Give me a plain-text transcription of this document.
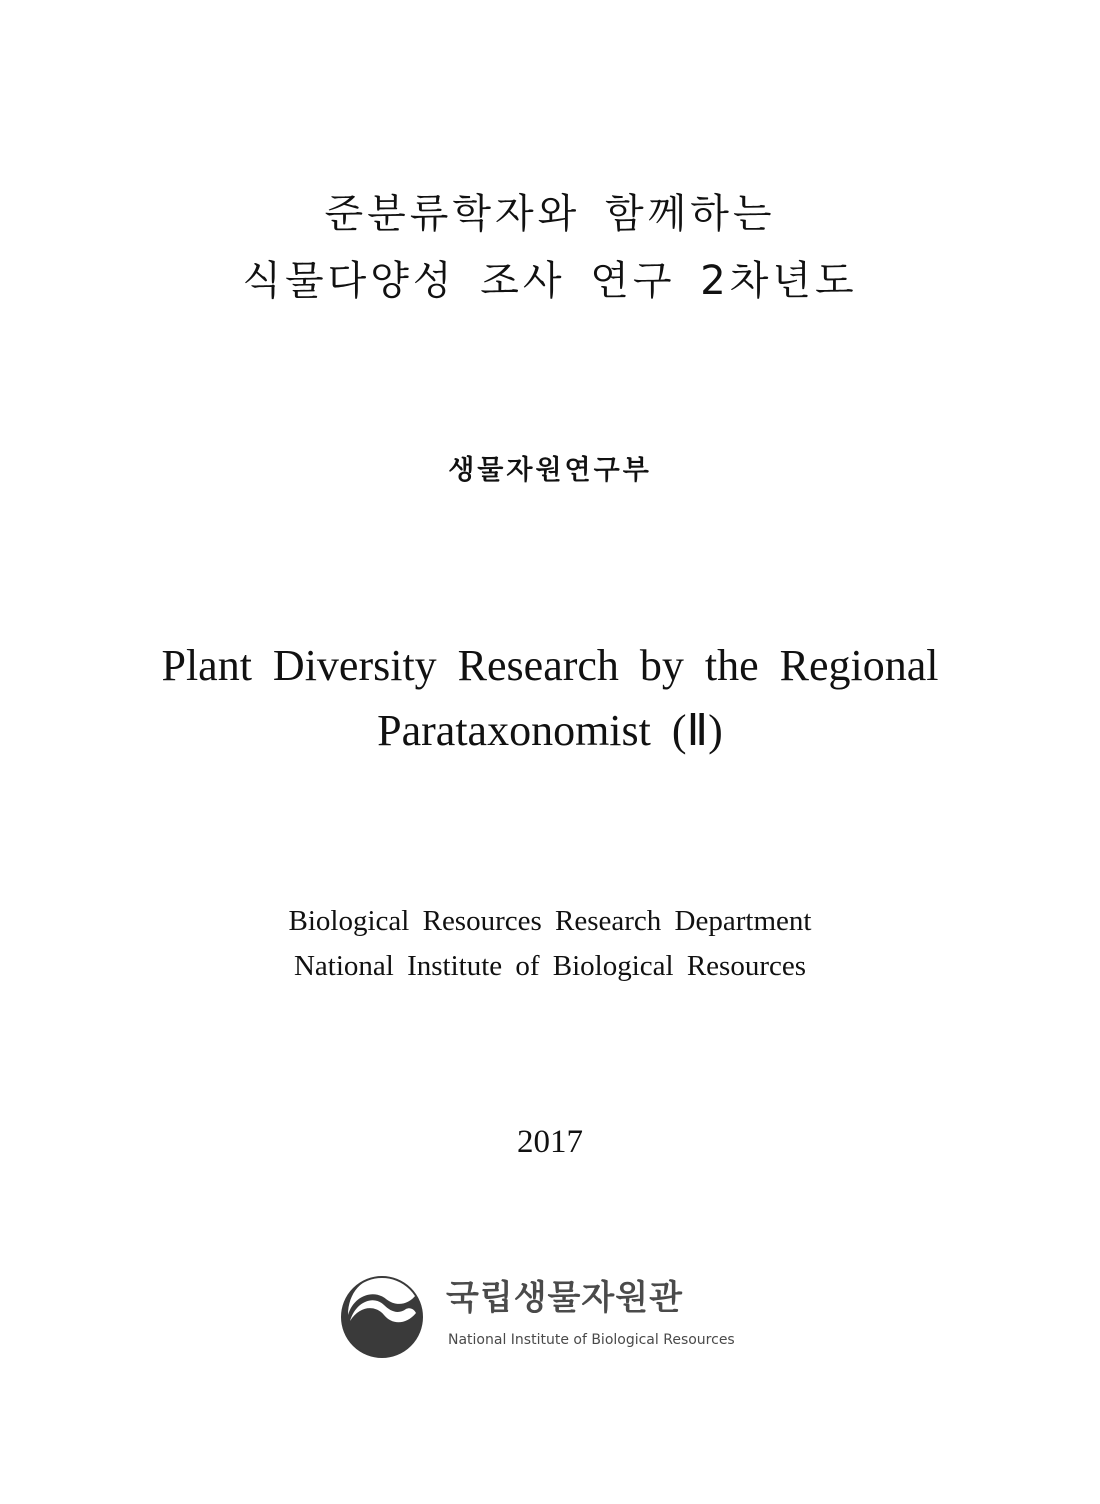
준분류학자와 함께하는
식물다양성 조사 연구 2차년도
생물자원연구부
Plant Diversity Research by the Regional
Parataxonomist (Ⅱ)
Biological Resources Research Department
National Institute of Biological Resources
2017
국립생물자원관
National Institute of Biological Resources
